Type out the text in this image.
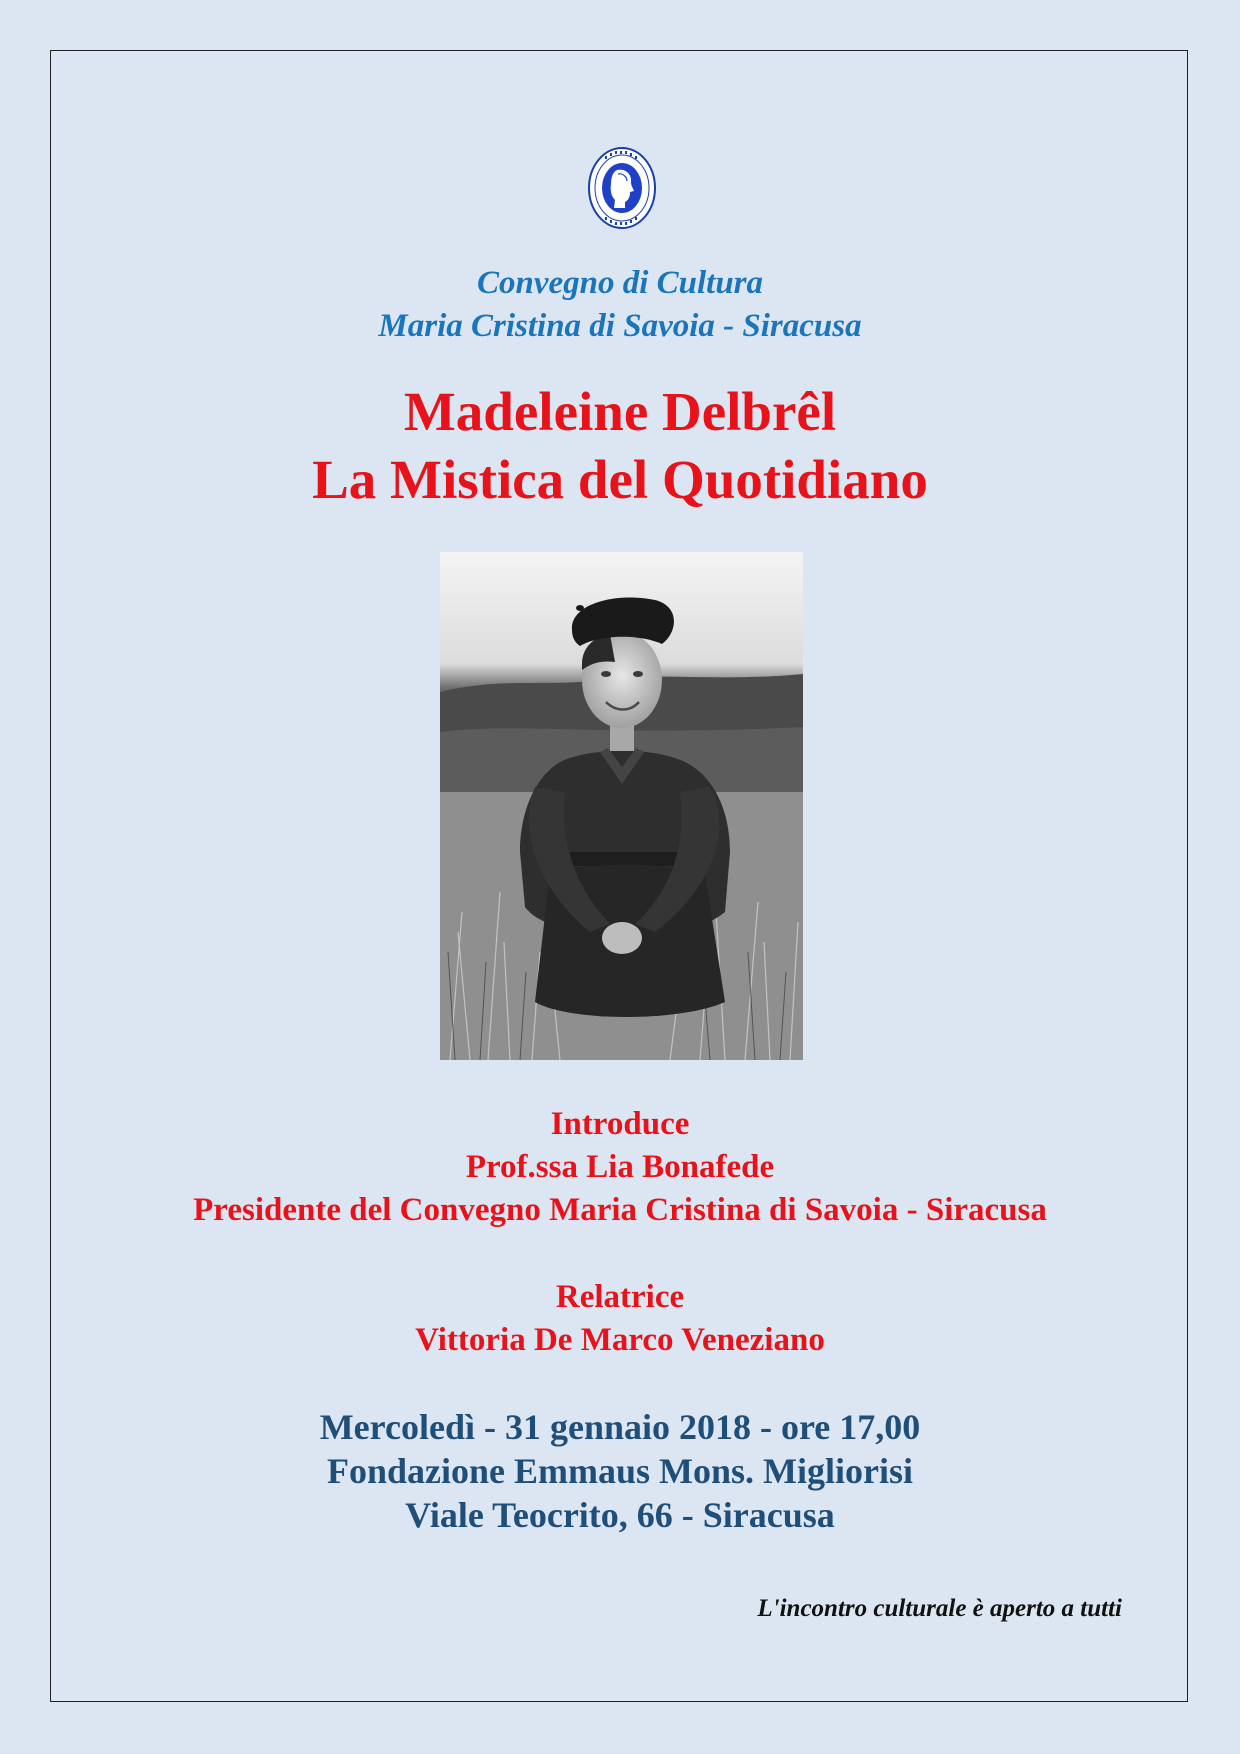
Convegno di Cultura
Maria Cristina di Savoia - Siracusa
Madeleine Delbrêl
La Mistica del Quotidiano
Introduce
Prof.ssa Lia Bonafede
Presidente del Convegno Maria Cristina di Savoia - Siracusa
Relatrice
Vittoria De Marco Veneziano
Mercoledì - 31 gennaio 2018 - ore 17,00
Fondazione Emmaus Mons. Migliorisi
Viale Teocrito, 66 - Siracusa
L'incontro culturale è aperto a tutti
